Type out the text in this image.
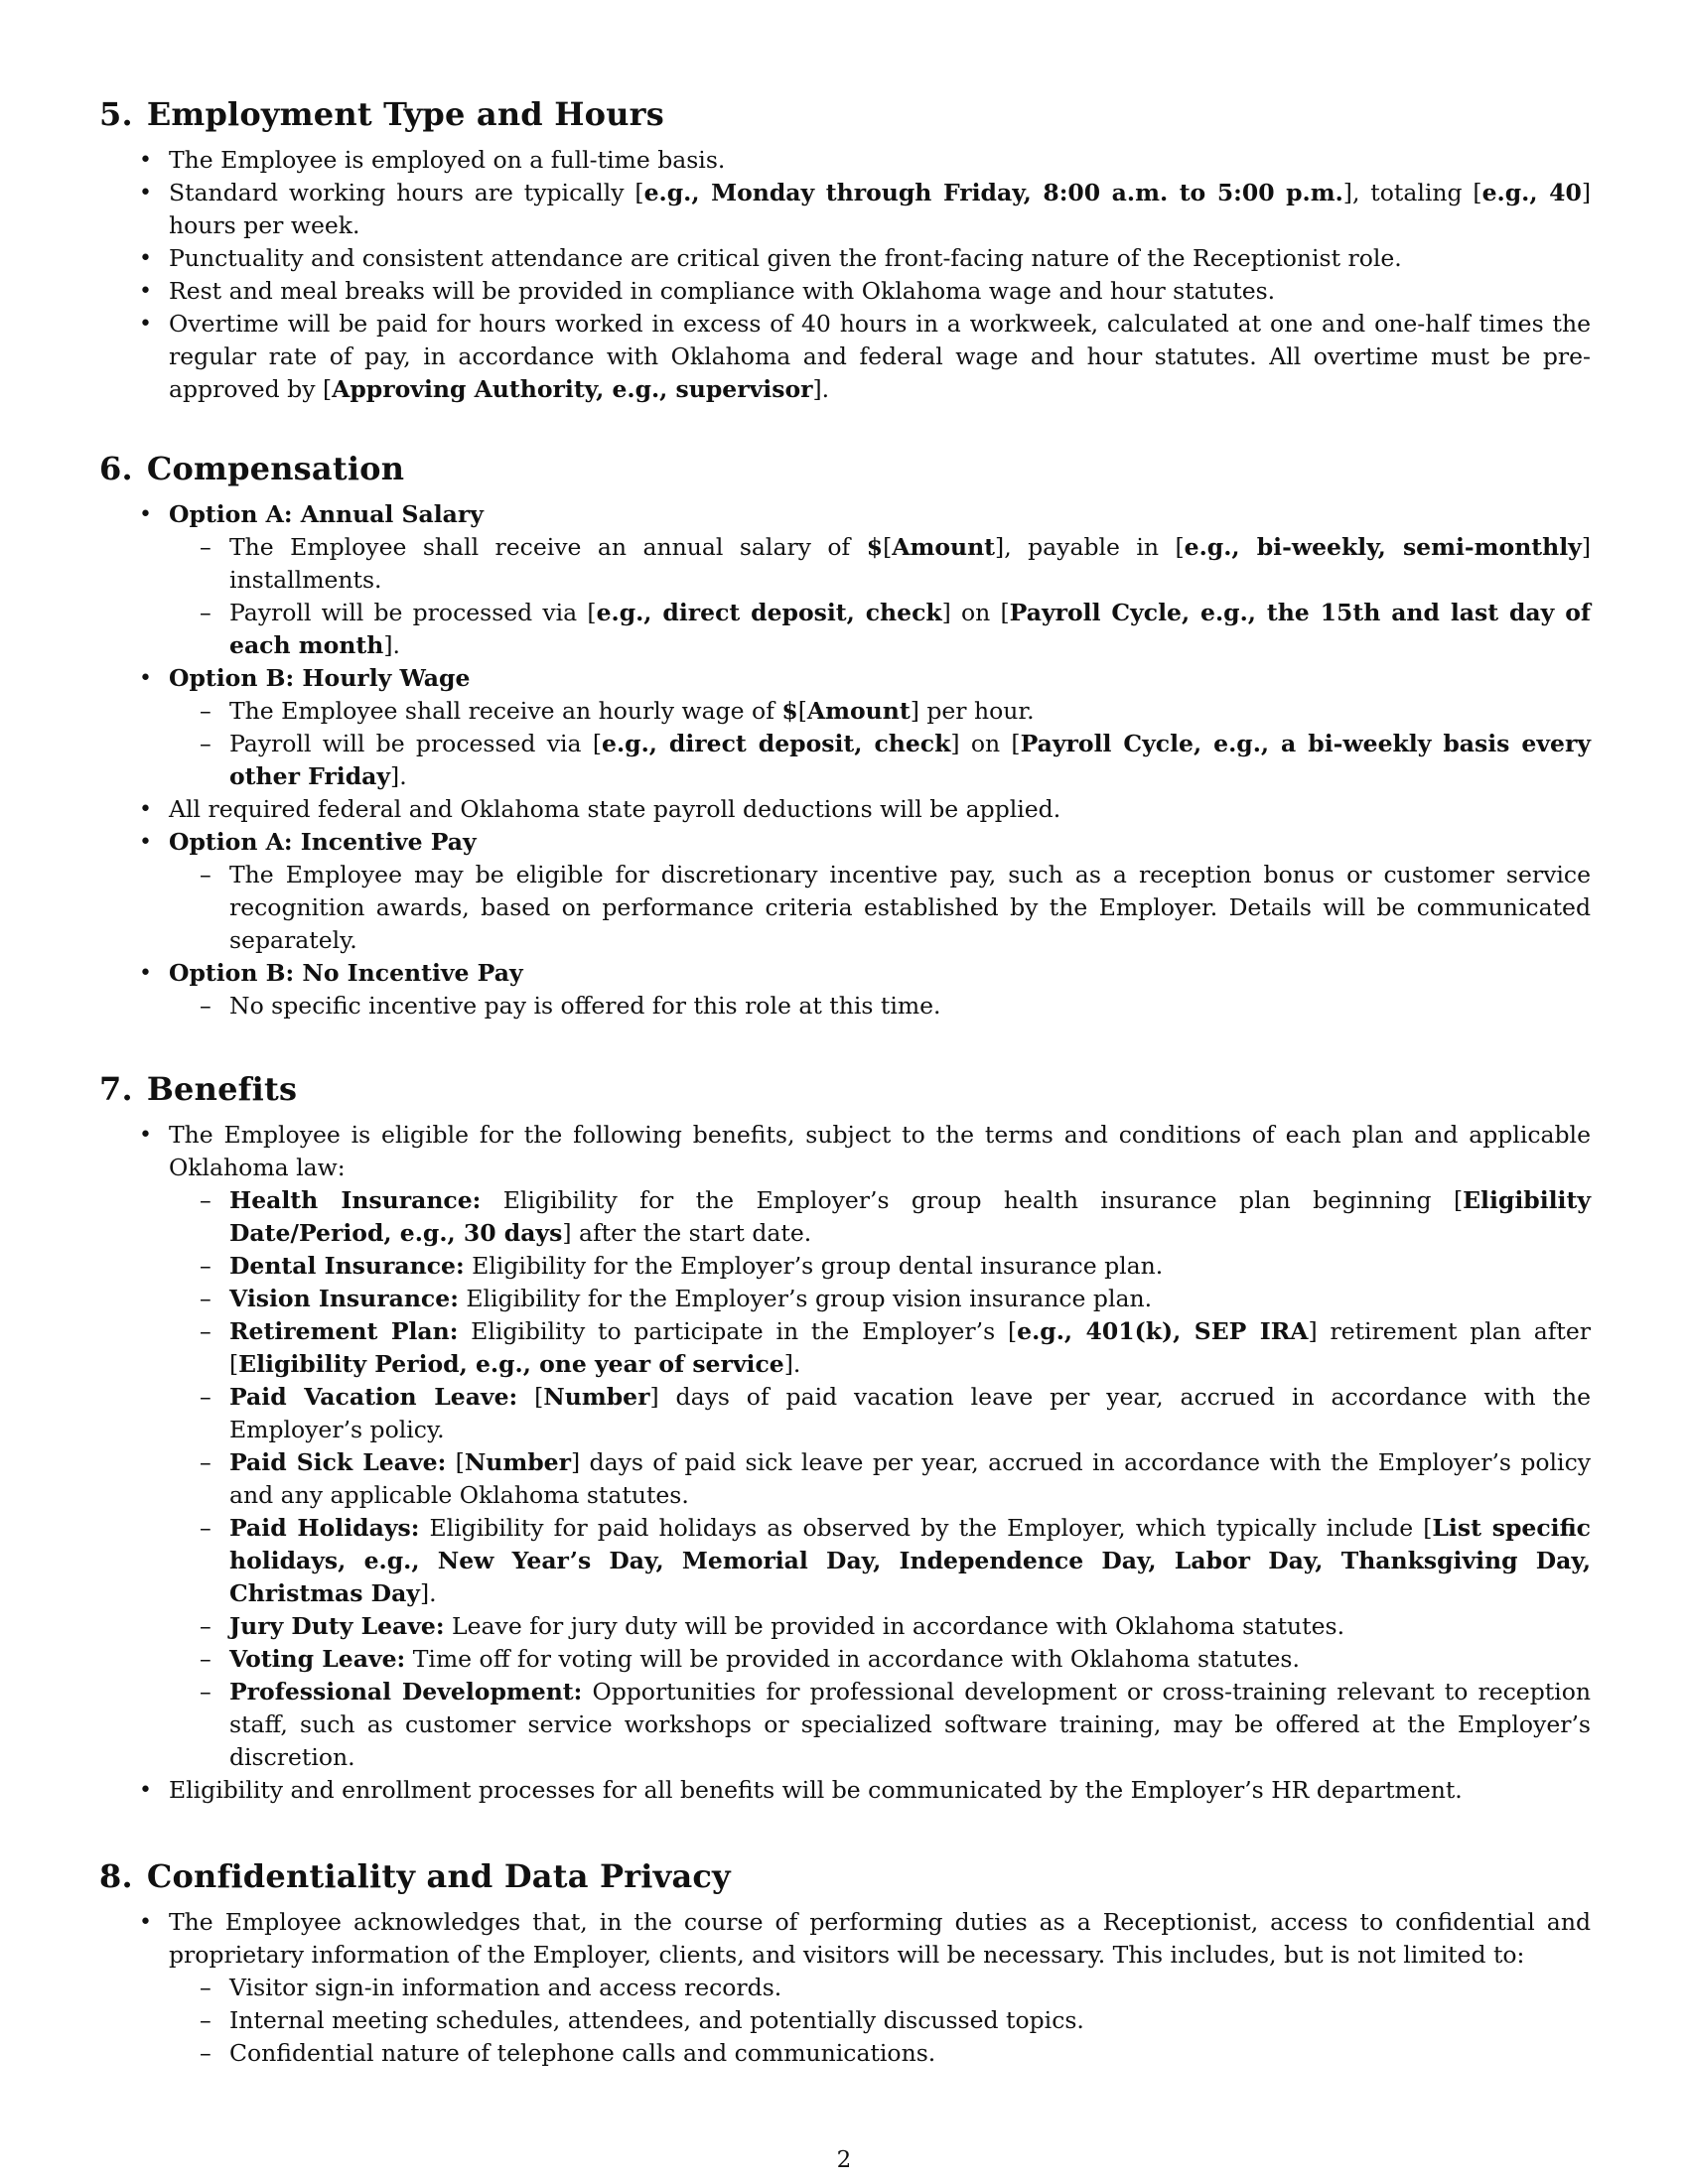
5. Employment Type and Hours
• The Employee is employed on a full-time basis.
• Standard working hours are typically [e.g., Monday through Friday, 8:00 a.m. to 5:00 p.m.], totaling [e.g., 40] hours per week.
• Punctuality and consistent attendance are critical given the front-facing nature of the Receptionist role.
• Rest and meal breaks will be provided in compliance with Oklahoma wage and hour statutes.
• Overtime will be paid for hours worked in excess of 40 hours in a workweek, calculated at one and one-half times the regular rate of pay, in accordance with Oklahoma and federal wage and hour statutes. All overtime must be pre-approved by [Approving Authority, e.g., supervisor].
6. Compensation
• Option A: Annual Salary
– The Employee shall receive an annual salary of $[Amount], payable in [e.g., bi-weekly, semi-monthly] installments.
– Payroll will be processed via [e.g., direct deposit, check] on [Payroll Cycle, e.g., the 15th and last day of each month].
• Option B: Hourly Wage
– The Employee shall receive an hourly wage of $[Amount] per hour.
– Payroll will be processed via [e.g., direct deposit, check] on [Payroll Cycle, e.g., a bi-weekly basis every other Friday].
• All required federal and Oklahoma state payroll deductions will be applied.
• Option A: Incentive Pay
– The Employee may be eligible for discretionary incentive pay, such as a reception bonus or customer service recognition awards, based on performance criteria established by the Employer. Details will be communicated separately.
• Option B: No Incentive Pay
– No specific incentive pay is offered for this role at this time.
7. Benefits
• The Employee is eligible for the following benefits, subject to the terms and conditions of each plan and applicable Oklahoma law:
– Health Insurance: Eligibility for the Employer’s group health insurance plan beginning [Eligibility Date/Period, e.g., 30 days] after the start date.
– Dental Insurance: Eligibility for the Employer’s group dental insurance plan.
– Vision Insurance: Eligibility for the Employer’s group vision insurance plan.
– Retirement Plan: Eligibility to participate in the Employer’s [e.g., 401(k), SEP IRA] retirement plan after [Eligibility Period, e.g., one year of service].
– Paid Vacation Leave: [Number] days of paid vacation leave per year, accrued in accordance with the Employer’s policy.
– Paid Sick Leave: [Number] days of paid sick leave per year, accrued in accordance with the Employer’s policy and any applicable Oklahoma statutes.
– Paid Holidays: Eligibility for paid holidays as observed by the Employer, which typically include [List specific holidays, e.g., New Year’s Day, Memorial Day, Independence Day, Labor Day, Thanksgiving Day, Christmas Day].
– Jury Duty Leave: Leave for jury duty will be provided in accordance with Oklahoma statutes.
– Voting Leave: Time off for voting will be provided in accordance with Oklahoma statutes.
– Professional Development: Opportunities for professional development or cross-training relevant to reception staff, such as customer service workshops or specialized software training, may be offered at the Employer’s discretion.
• Eligibility and enrollment processes for all benefits will be communicated by the Employer’s HR department.
8. Confidentiality and Data Privacy
• The Employee acknowledges that, in the course of performing duties as a Receptionist, access to confidential and proprietary information of the Employer, clients, and visitors will be necessary. This includes, but is not limited to:
– Visitor sign-in information and access records.
– Internal meeting schedules, attendees, and potentially discussed topics.
– Confidential nature of telephone calls and communications.
2
